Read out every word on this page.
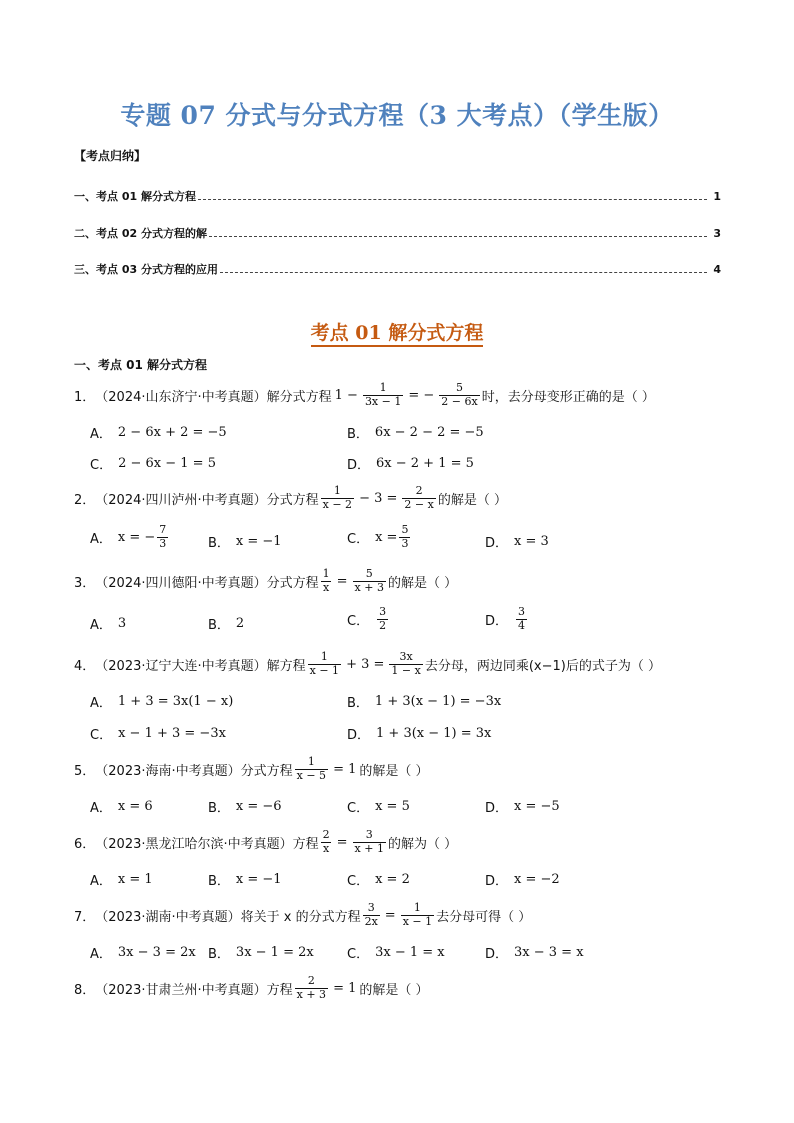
专题 07 分式与分式方程（3 大考点）（学生版）
【考点归纳】
一、考点 01 解分式方程	1
二、考点 02 分式方程的解	3
三、考点 03 分式方程的应用	4
考点 01 解分式方程
一、考点 01 解分式方程
1． （2024·山东济宁·中考真题）解分式方程 $1 - \frac{1}{3x - 1}$ = − $\frac{5}{2 - 6x}$ 时，去分母变形正确的是（ ）
A． 2 − 6x + 2 = −5	B． 6x − 2 − 2 = −5
C． 2 − 6x − 1 = 5	D． 6x − 2 + 1 = 5
2． （2024·四川泸州·中考真题）分式方程 $\frac{1}{x - 2} - 3 = \frac{2}{2 - x}$ 的解是（ ）
A． x = − $\frac{7}{3}$	B． x = −1	C． $x = \frac{5}{3}$	D． x = 3
3． （2024·四川德阳·中考真题）分式方程 $\frac{1}{x} = \frac{5}{x + 3}$ 的解是（ ）
A． 3	B． 2	C． $\frac{3}{2}$	D． $\frac{3}{4}$
4． （2023·辽宁大连·中考真题）解方程 $\frac{1}{x - 1} + 3 = \frac{3x}{1 - x}$ 去分母，两边同乘(x−1)后的式子为（ ）
A． 1 + 3 = 3x(1 − x)	B． 1 + 3(x − 1) = −3x
C． x − 1 + 3 = −3x	D． 1 + 3(x − 1) = 3x
5． （2023·海南·中考真题）分式方程 $\frac{1}{x - 5} = 1$ 的解是（ ）
A． x = 6	B． x = −6	C． x = 5	D． x = −5
6． （2023·黑龙江哈尔滨·中考真题）方程 $\frac{2}{x} = \frac{3}{x + 1}$ 的解为（ ）
A． x = 1	B． x = −1	C． x = 2	D． x = −2
7． （2023·湖南·中考真题）将关于 x 的分式方程 $\frac{3}{2x} = \frac{1}{x - 1}$ 去分母可得（ ）
A． 3x − 3 = 2x B． 3x − 1 = 2x	C． 3x − 1 = x	D． 3x − 3 = x
8． （2023·甘肃兰州·中考真题）方程 $\frac{2}{x + 3} = 1$ 的解是（ ）
